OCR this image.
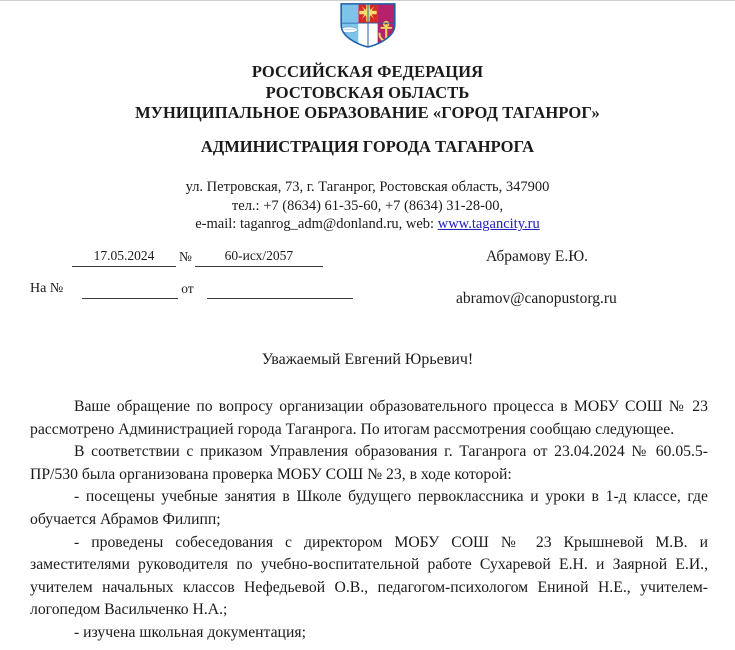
РОССИЙСКАЯ ФЕДЕРАЦИЯ
РОСТОВСКАЯ ОБЛАСТЬ
МУНИЦИПАЛЬНОЕ ОБРАЗОВАНИЕ «ГОРОД ТАГАНРОГ»
АДМИНИСТРАЦИЯ ГОРОДА ТАГАНРОГА
ул. Петровская, 73, г. Таганрог, Ростовская область, 347900
тел.: +7 (8634) 61-35-60, +7 (8634) 31-28-00,
e-mail: taganrog_adm@donland.ru, web: www.tagancity.ru
17.05.2024	№	60-исх/2057
На №	от
Абрамову Е.Ю.
abramov@canopustorg.ru
Уважаемый Евгений Юрьевич!

Ваше обращение по вопросу организации образовательного процесса в МОБУ СОШ № 23 рассмотрено Администрацией города Таганрога. По итогам рассмотрения сообщаю следующее.

В соответствии с приказом Управления образования г. Таганрога от 23.04.2024 № 60.05.5-ПР/530 была организована проверка МОБУ СОШ № 23, в ходе которой:

- посещены учебные занятия в Школе будущего первоклассника и уроки в 1-д классе, где обучается Абрамов Филипп;

- проведены собеседования с директором МОБУ СОШ № 23 Крышневой М.В. и заместителями руководителя по учебно-воспитательной работе Сухаревой Е.Н. и Заярной Е.И., учителем начальных классов Нефедьевой О.В., педагогом-психологом Ениной Н.Е., учителем-логопедом Васильченко Н.А.;

- изучена школьная документация;
